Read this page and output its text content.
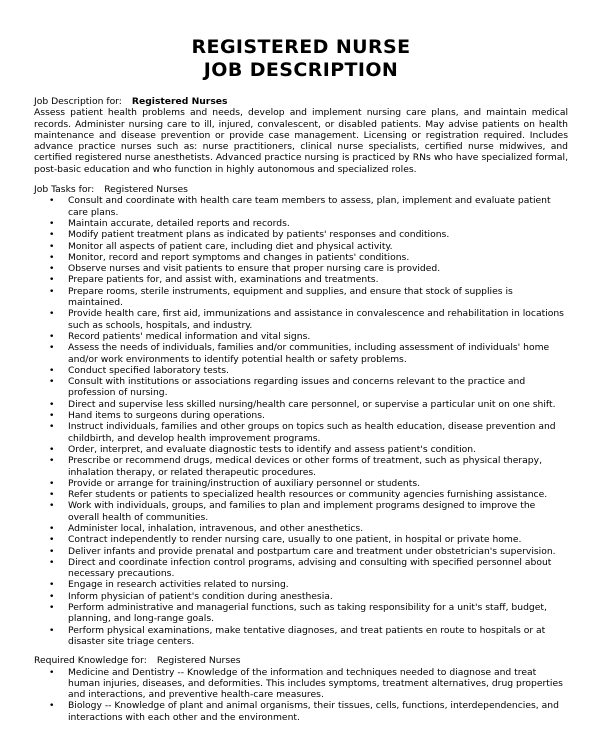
REGISTERED NURSE
JOB DESCRIPTION
Job Description for: Registered Nurses
Assess patient health problems and needs, develop and implement nursing care plans, and maintain medical records. Administer nursing care to ill, injured, convalescent, or disabled patients. May advise patients on health maintenance and disease prevention or provide case management. Licensing or registration required. Includes advance practice nurses such as: nurse practitioners, clinical nurse specialists, certified nurse midwives, and certified registered nurse anesthetists. Advanced practice nursing is practiced by RNs who have specialized formal, post-basic education and who function in highly autonomous and specialized roles.
Job Tasks for: Registered Nurses
• Consult and coordinate with health care team members to assess, plan, implement and evaluate patient care plans.
• Maintain accurate, detailed reports and records.
• Modify patient treatment plans as indicated by patients' responses and conditions.
• Monitor all aspects of patient care, including diet and physical activity.
• Monitor, record and report symptoms and changes in patients' conditions.
• Observe nurses and visit patients to ensure that proper nursing care is provided.
• Prepare patients for, and assist with, examinations and treatments.
• Prepare rooms, sterile instruments, equipment and supplies, and ensure that stock of supplies is maintained.
• Provide health care, first aid, immunizations and assistance in convalescence and rehabilitation in locations such as schools, hospitals, and industry.
• Record patients' medical information and vital signs.
• Assess the needs of individuals, families and/or communities, including assessment of individuals' home and/or work environments to identify potential health or safety problems.
• Conduct specified laboratory tests.
• Consult with institutions or associations regarding issues and concerns relevant to the practice and profession of nursing.
• Direct and supervise less skilled nursing/health care personnel, or supervise a particular unit on one shift.
• Hand items to surgeons during operations.
• Instruct individuals, families and other groups on topics such as health education, disease prevention and childbirth, and develop health improvement programs.
• Order, interpret, and evaluate diagnostic tests to identify and assess patient's condition.
• Prescribe or recommend drugs, medical devices or other forms of treatment, such as physical therapy, inhalation therapy, or related therapeutic procedures.
• Provide or arrange for training/instruction of auxiliary personnel or students.
• Refer students or patients to specialized health resources or community agencies furnishing assistance.
• Work with individuals, groups, and families to plan and implement programs designed to improve the overall health of communities.
• Administer local, inhalation, intravenous, and other anesthetics.
• Contract independently to render nursing care, usually to one patient, in hospital or private home.
• Deliver infants and provide prenatal and postpartum care and treatment under obstetrician's supervision.
• Direct and coordinate infection control programs, advising and consulting with specified personnel about necessary precautions.
• Engage in research activities related to nursing.
• Inform physician of patient's condition during anesthesia.
• Perform administrative and managerial functions, such as taking responsibility for a unit's staff, budget, planning, and long-range goals.
• Perform physical examinations, make tentative diagnoses, and treat patients en route to hospitals or at disaster site triage centers.
Required Knowledge for: Registered Nurses
• Medicine and Dentistry -- Knowledge of the information and techniques needed to diagnose and treat human injuries, diseases, and deformities. This includes symptoms, treatment alternatives, drug properties and interactions, and preventive health-care measures.
• Biology -- Knowledge of plant and animal organisms, their tissues, cells, functions, interdependencies, and interactions with each other and the environment.
